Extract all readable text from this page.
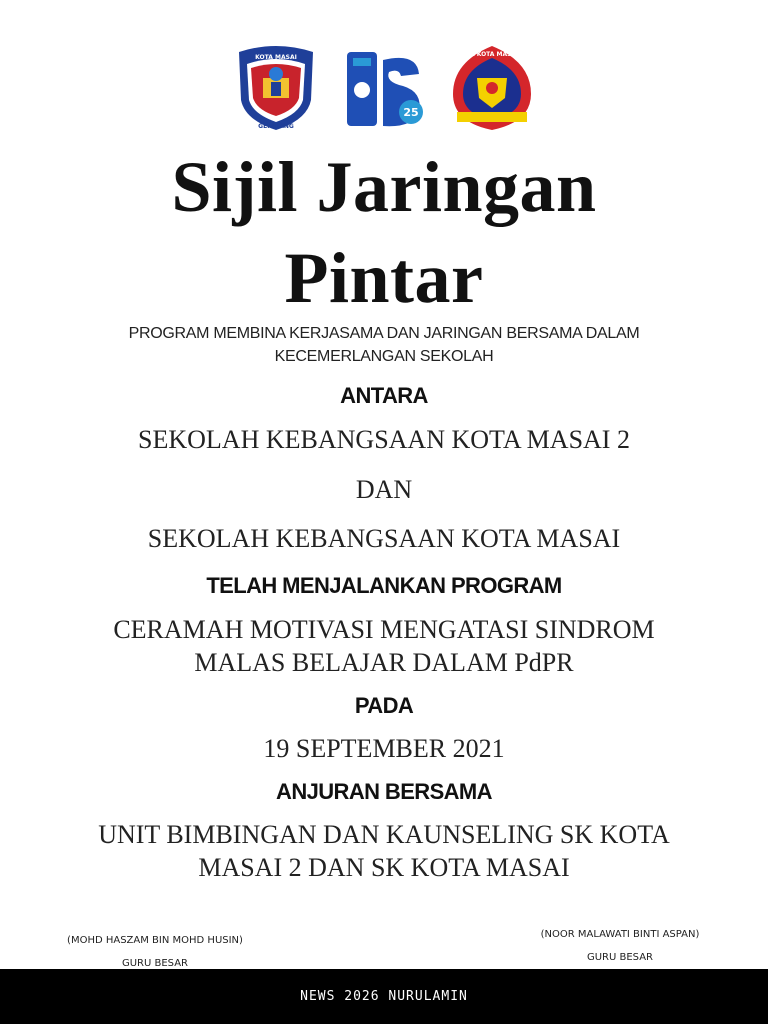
KOTA MASAI
GEMILANG
25
SK KOTA MASAI
Sijil Jaringan
Pintar
PROGRAM MEMBINA KERJASAMA DAN JARINGAN BERSAMA DALAM
KECEMERLANGAN SEKOLAH
ANTARA
SEKOLAH KEBANGSAAN KOTA MASAI 2
DAN
SEKOLAH KEBANGSAAN KOTA MASAI
TELAH MENJALANKAN PROGRAM
CERAMAH MOTIVASI MENGATASI SINDROM
MALAS BELAJAR DALAM PdPR
PADA
19 SEPTEMBER 2021
ANJURAN BERSAMA
UNIT BIMBINGAN DAN KAUNSELING SK KOTA
MASAI 2 DAN SK KOTA MASAI
(MOHD HASZAM BIN MOHD HUSIN)
GURU BESAR
(NOOR MALAWATI BINTI ASPAN)
GURU BESAR
NEWS 2026 NURULAMIN
